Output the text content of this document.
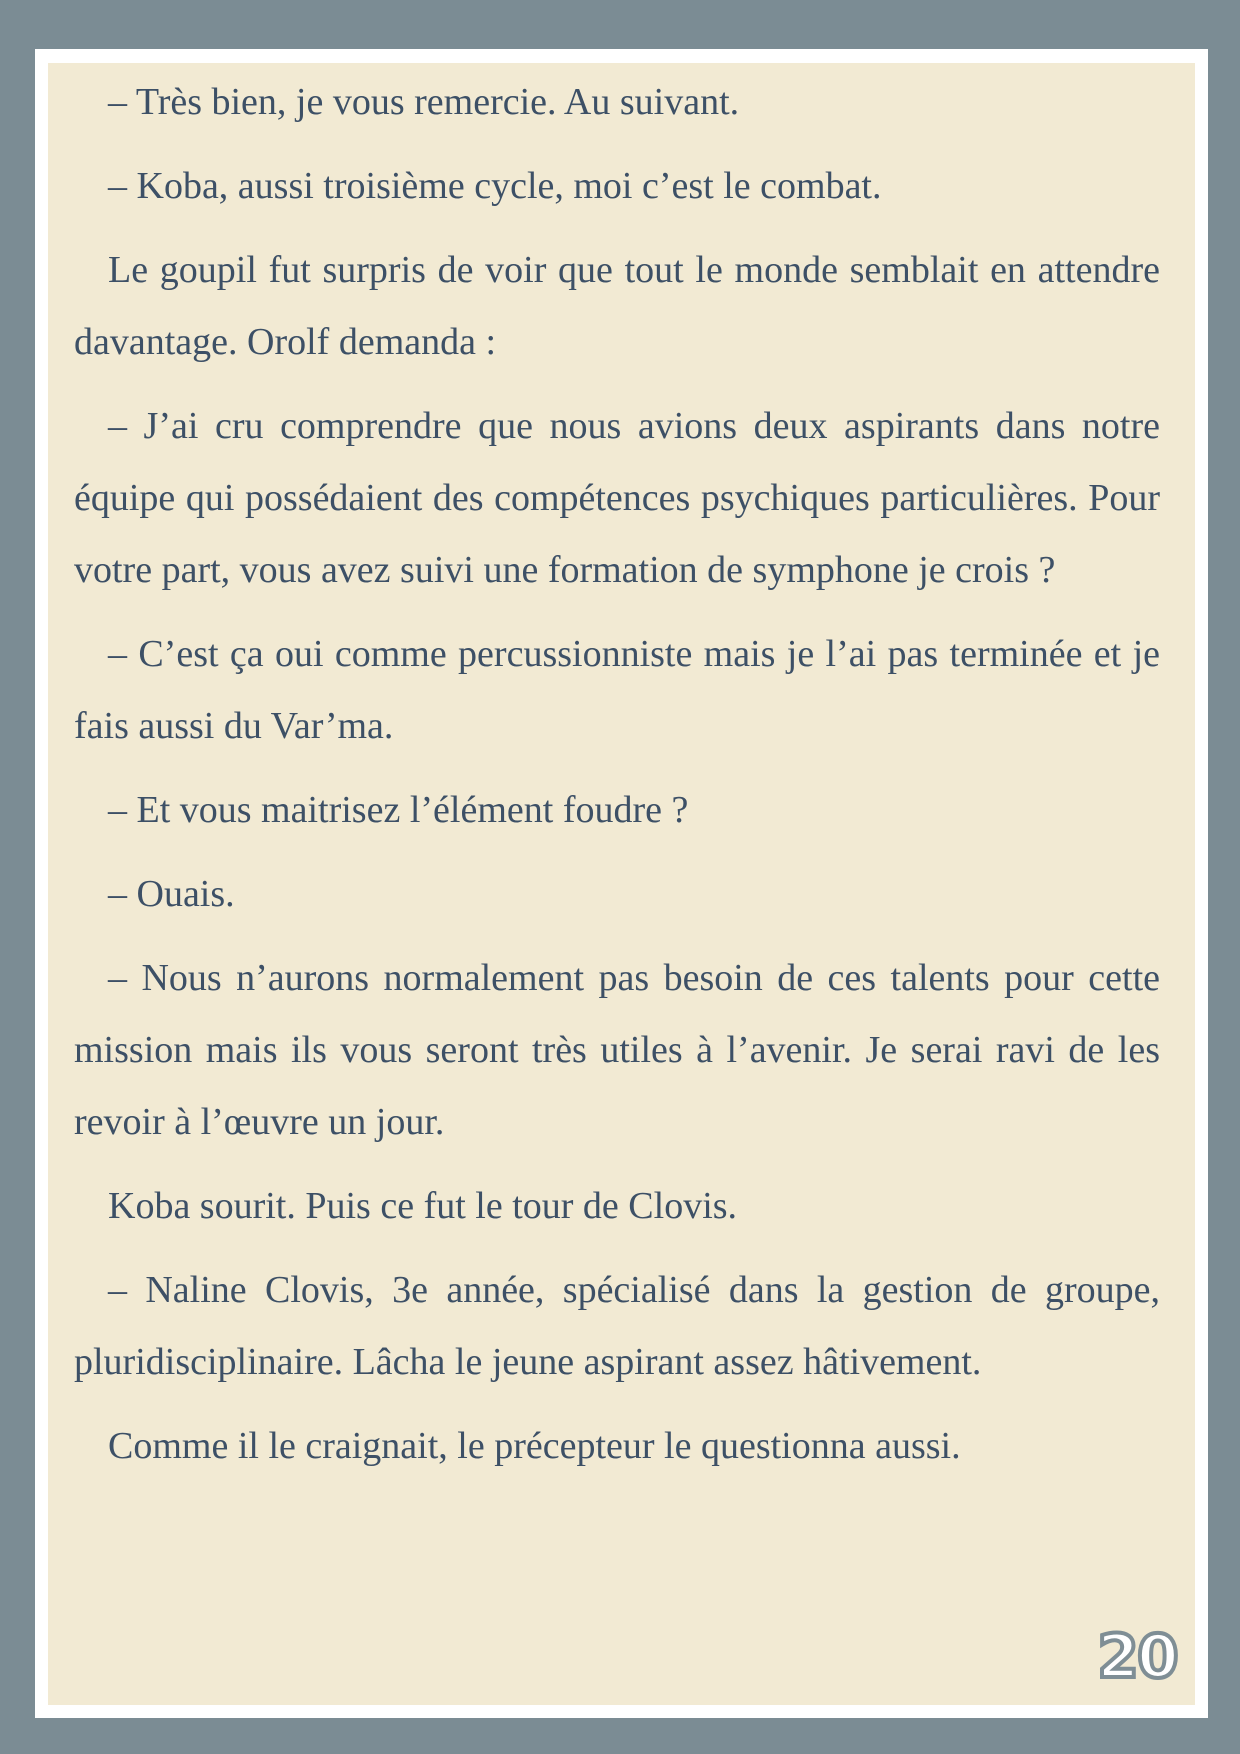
– Très bien, je vous remercie. Au suivant.

– Koba, aussi troisième cycle, moi c’est le combat.

Le goupil fut surpris de voir que tout le monde semblait en attendre davantage. Orolf demanda :

– J’ai cru comprendre que nous avions deux aspirants dans notre équipe qui possédaient des compétences psychiques particulières. Pour votre part, vous avez suivi une formation de symphone je crois ?

– C’est ça oui comme percussionniste mais je l’ai pas terminée et je fais aussi du Var’ma.

– Et vous maitrisez l’élément foudre ?

– Ouais.

– Nous n’aurons normalement pas besoin de ces talents pour cette mission mais ils vous seront très utiles à l’avenir. Je serai ravi de les revoir à l’œuvre un jour.

Koba sourit. Puis ce fut le tour de Clovis.

– Naline Clovis, 3e année, spécialisé dans la gestion de groupe, pluridisciplinaire. Lâcha le jeune aspirant assez hâtivement.

Comme il le craignait, le précepteur le questionna aussi.

20
